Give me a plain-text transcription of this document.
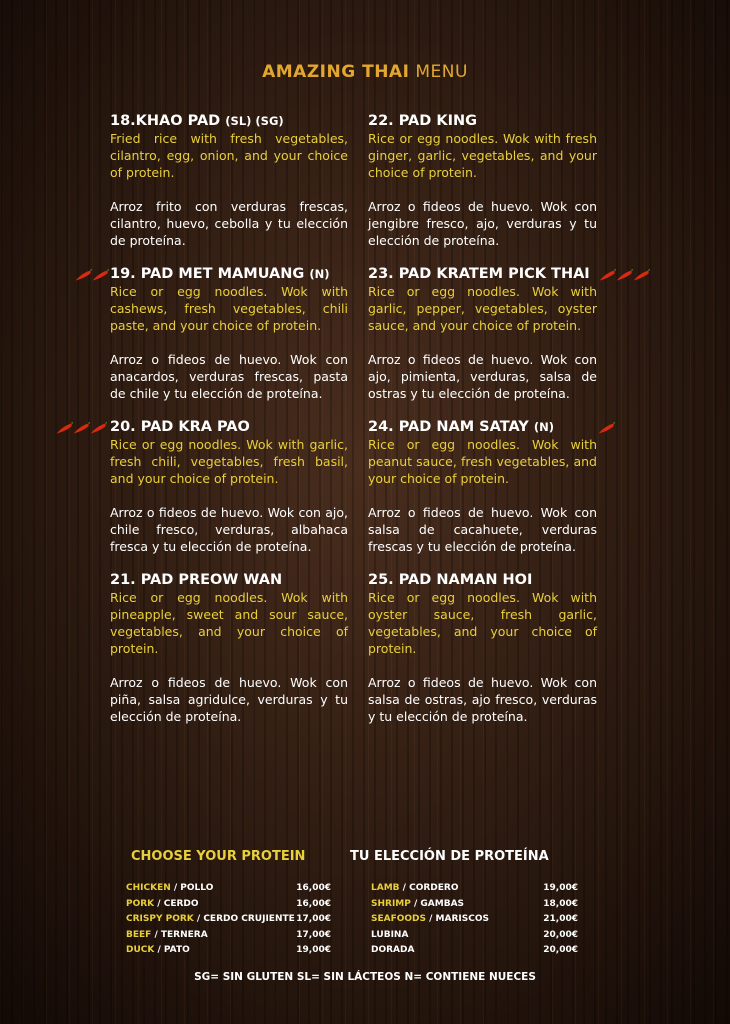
AMAZING THAI MENU
18.KHAO PAD (SL) (SG)

Fried rice with fresh vegetables, cilantro, egg, onion, and your choice of protein.

Arroz frito con verduras frescas, cilantro, huevo, cebolla y tu elección de proteína.

19. PAD MET MAMUANG (N)

Rice or egg noodles. Wok with cashews, fresh vegetables, chili paste, and your choice of protein.

Arroz o fideos de huevo. Wok con anacardos, verduras frescas, pasta de chile y tu elección de proteína.

20. PAD KRA PAO

Rice or egg noodles. Wok with garlic, fresh chili, vegetables, fresh basil, and your choice of protein.

Arroz o fideos de huevo. Wok con ajo, chile fresco, verduras, albahaca fresca y tu elección de proteína.

21. PAD PREOW WAN

Rice or egg noodles. Wok with pineapple, sweet and sour sauce, vegetables, and your choice of protein.

Arroz o fideos de huevo. Wok con piña, salsa agridulce, verduras y tu elección de proteína.

22. PAD KING

Rice or egg noodles. Wok with fresh ginger, garlic, vegetables, and your choice of protein.

Arroz o fideos de huevo. Wok con jengibre fresco, ajo, verduras y tu elección de proteína.

23. PAD KRATEM PICK THAI

Rice or egg noodles. Wok with garlic, pepper, vegetables, oyster sauce, and your choice of protein.

Arroz o fideos de huevo. Wok con ajo, pimienta, verduras, salsa de ostras y tu elección de proteína.

24. PAD NAM SATAY (N)

Rice or egg noodles. Wok with peanut sauce, fresh vegetables, and your choice of protein.

Arroz o fideos de huevo. Wok con salsa de cacahuete, verduras frescas y tu elección de proteína.

25. PAD NAMAN HOI

Rice or egg noodles. Wok with oyster sauce, fresh garlic, vegetables, and your choice of protein.

Arroz o fideos de huevo. Wok con salsa de ostras, ajo fresco, verduras y tu elección de proteína.

CHOOSE YOUR PROTEIN	TU ELECCIÓN DE PROTEÍNA
CHICKEN / POLLO	16,00€
PORK / CERDO	16,00€
CRISPY PORK / CERDO CRUJIENTE 17,00€
BEEF / TERNERA	17,00€
DUCK / PATO	19,00€
LAMB / CORDERO	19,00€
SHRIMP / GAMBAS	18,00€
SEAFOODS / MARISCOS	21,00€
LUBINA	20,00€
DORADA	20,00€
SG= SIN GLUTEN SL= SIN LÁCTEOS N= CONTIENE NUECES
